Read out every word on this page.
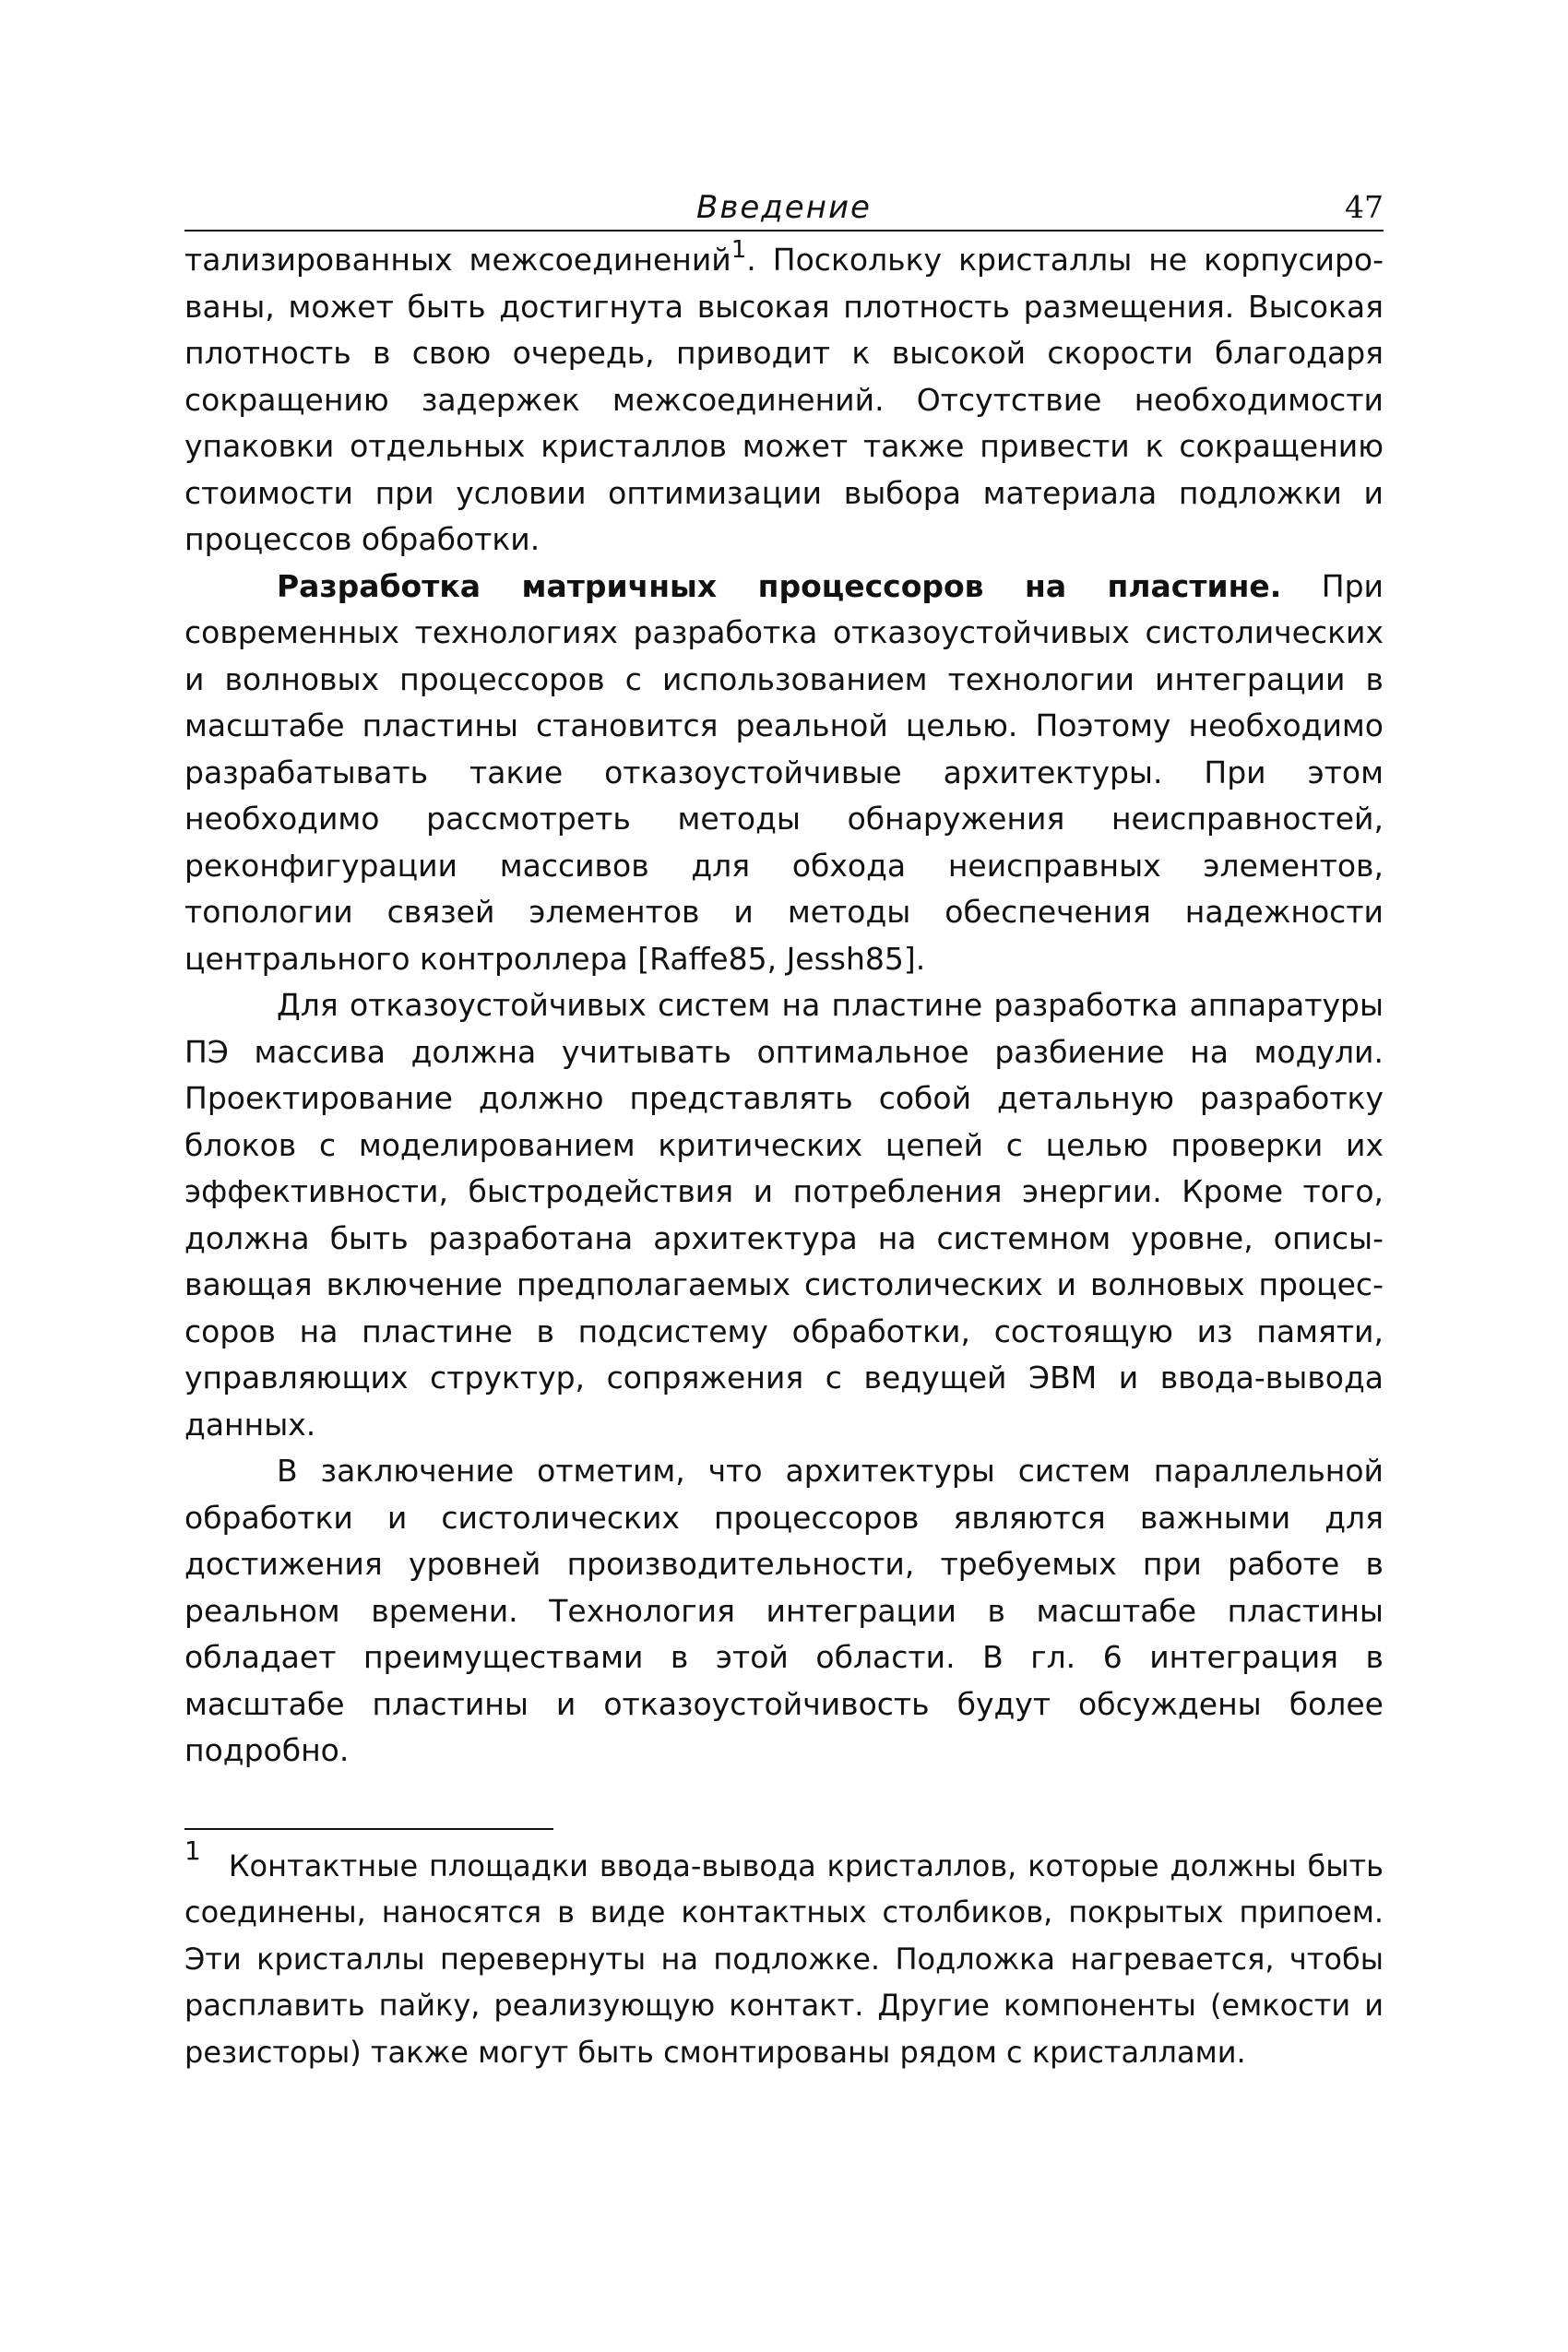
Введение	47

тализированных межсоединений$^1$. Поскольку кристаллы не корпусированы, может быть достигнута высокая плотность размещения. Высокая плотность в свою очередь, приводит к высокой скорости благодаря сокращению задержек межсоединений. Отсутствие необходимости упаковки отдельных кристаллов может также привести к сокращению стоимости при условии оптимизации выбора материала подложки и процессов обработки.

Разработка матричных процессоров на пластине. При современных технологиях разработка отказоустойчивых систолических и волновых процессоров с использованием технологии интеграции в масштабе пластины становится реальной целью. Поэтому необходимо разрабатывать такие отказоустойчивые архитектуры. При этом необходимо рассмотреть методы обнаружения неисправностей, реконфигурации массивов для обхода неисправных элементов, топологии связей элементов и методы обеспечения надежности центрального контроллера [Raffe85, Jessh85].

Для отказоустойчивых систем на пластине разработка аппаратуры ПЭ массива должна учитывать оптимальное разбиение на модули. Проектирование должно представлять собой детальную разработку блоков с моделированием критических цепей с целью проверки их эффективности, быстродействия и потребления энергии. Кроме того, должна быть разработана архитектура на системном уровне, описывающая включение предполагаемых систолических и волновых процессоров на пластине в подсистему обработки, состоящую из памяти, управляющих структур, сопряжения с ведущей ЭВМ и ввода-вывода данных.

В заключение отметим, что архитектуры систем параллельной обработки и систолических процессоров являются важными для достижения уровней производительности, требуемых при работе в реальном времени. Технология интеграции в масштабе пластины обладает преимуществами в этой области. В гл. 6 интеграция в масштабе пластины и отказоустойчивость будут обсуждены более подробно.

1 Контактные площадки ввода-вывода кристаллов, которые должны быть соединены, наносятся в виде контактных столбиков, покрытых припоем. Эти кристаллы перевернуты на подложке. Подложка нагревается, чтобы расплавить пайку, реализующую контакт. Другие компоненты (емкости и резисторы) также могут быть смонтированы рядом с кристаллами.
